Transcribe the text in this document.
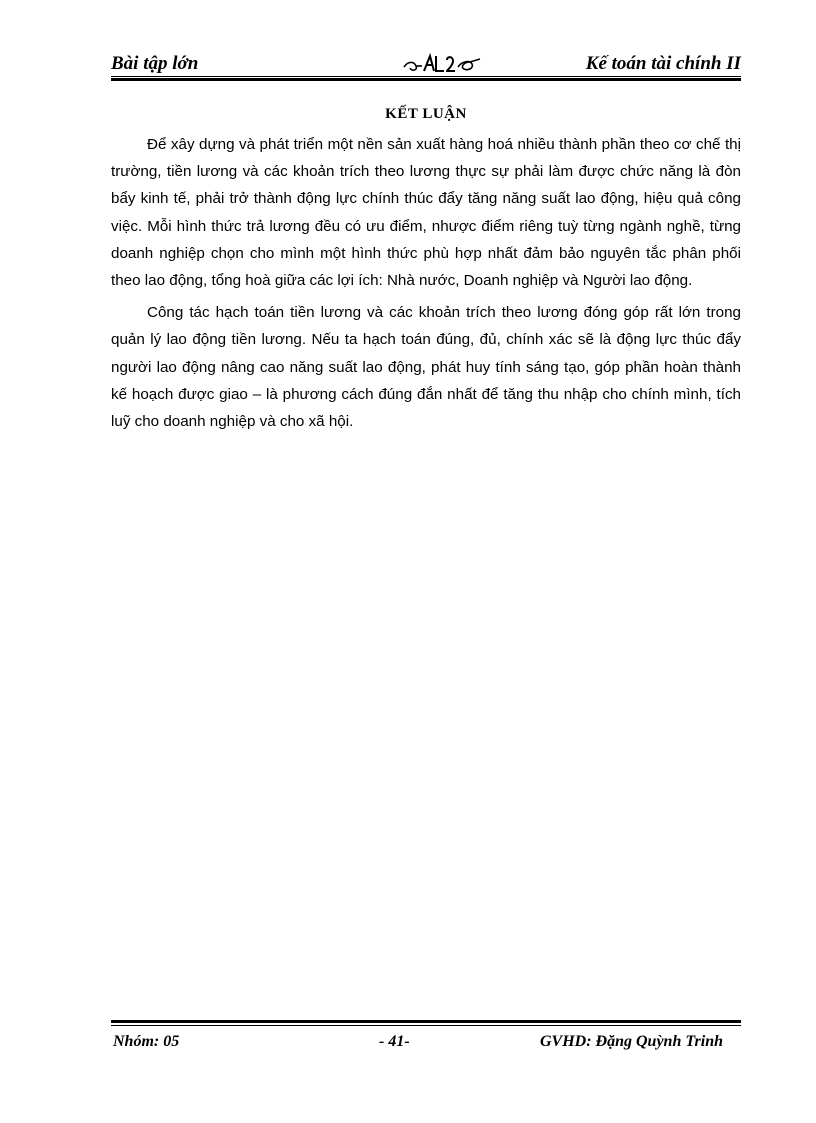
Bài tập lớn	Kế toán tài chính II
KẾT LUẬN

Để xây dựng và phát triển một nền sản xuất hàng hoá nhiều thành phần theo cơ chế thị trường, tiền lương và các khoản trích theo lương thực sự phải làm được chức năng là đòn bẩy kinh tế, phải trở thành động lực chính thúc đẩy tăng năng suất lao động, hiệu quả công việc. Mỗi hình thức trả lương đều có ưu điểm, nhược điểm riêng tuỳ từng ngành nghề, từng doanh nghiệp chọn cho mình một hình thức phù hợp nhất đảm bảo nguyên tắc phân phối theo lao động, tổng hoà giữa các lợi ích: Nhà nước, Doanh nghiệp và Người lao động.

Công tác hạch toán tiền lương và các khoản trích theo lương đóng góp rất lớn trong quản lý lao động tiền lương. Nếu ta hạch toán đúng, đủ, chính xác sẽ là động lực thúc đẩy người lao động nâng cao năng suất lao động, phát huy tính sáng tạo, góp phần hoàn thành kế hoạch được giao – là phương cách đúng đắn nhất để tăng thu nhập cho chính mình, tích luỹ cho doanh nghiệp và cho xã hội.

Nhóm: 05	- 41-	GVHD: Đặng Quỳnh Trinh
